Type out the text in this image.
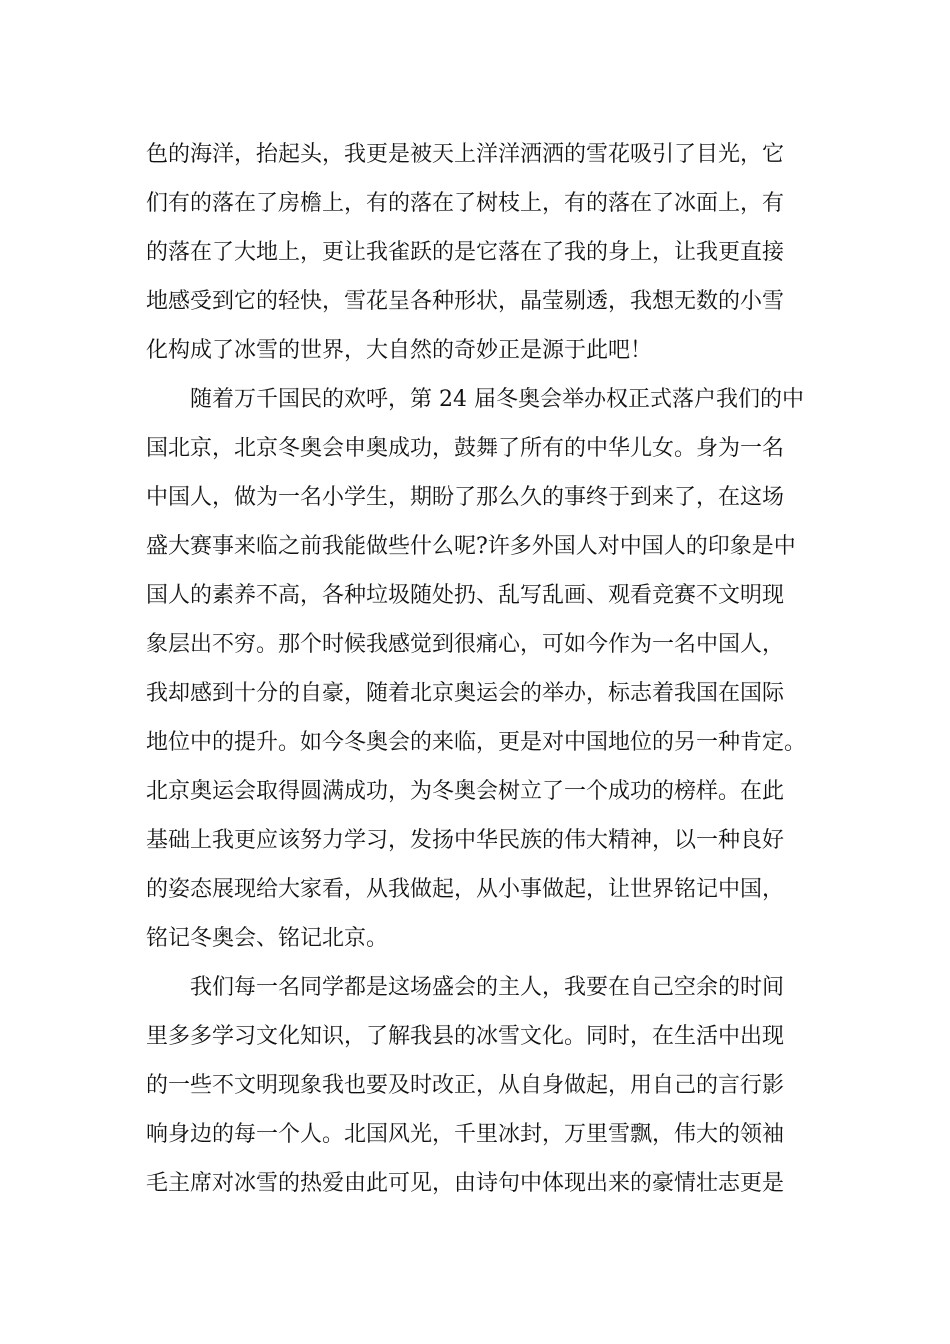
色的海洋，抬起头，我更是被天上洋洋洒洒的雪花吸引了目光，它
们有的落在了房檐上，有的落在了树枝上，有的落在了冰面上，有
的落在了大地上，更让我雀跃的是它落在了我的身上，让我更直接
地感受到它的轻快，雪花呈各种形状，晶莹剔透，我想无数的小雪
化构成了冰雪的世界，大自然的奇妙正是源于此吧！
随着万千国民的欢呼，第 24 届冬奥会举办权正式落户我们的中
国北京，北京冬奥会申奥成功，鼓舞了所有的中华儿女。身为一名
中国人，做为一名小学生，期盼了那么久的事终于到来了，在这场
盛大赛事来临之前我能做些什么呢?许多外国人对中国人的印象是中
国人的素养不高，各种垃圾随处扔、乱写乱画、观看竞赛不文明现
象层出不穷。那个时候我感觉到很痛心，可如今作为一名中国人，
我却感到十分的自豪，随着北京奥运会的举办，标志着我国在国际
地位中的提升。如今冬奥会的来临，更是对中国地位的另一种肯定。
北京奥运会取得圆满成功，为冬奥会树立了一个成功的榜样。在此
基础上我更应该努力学习，发扬中华民族的伟大精神，以一种良好
的姿态展现给大家看，从我做起，从小事做起，让世界铭记中国，
铭记冬奥会、铭记北京。
我们每一名同学都是这场盛会的主人，我要在自己空余的时间
里多多学习文化知识，了解我县的冰雪文化。同时，在生活中出现
的一些不文明现象我也要及时改正，从自身做起，用自己的言行影
响身边的每一个人。北国风光，千里冰封，万里雪飘，伟大的领袖
毛主席对冰雪的热爱由此可见，由诗句中体现出来的豪情壮志更是
